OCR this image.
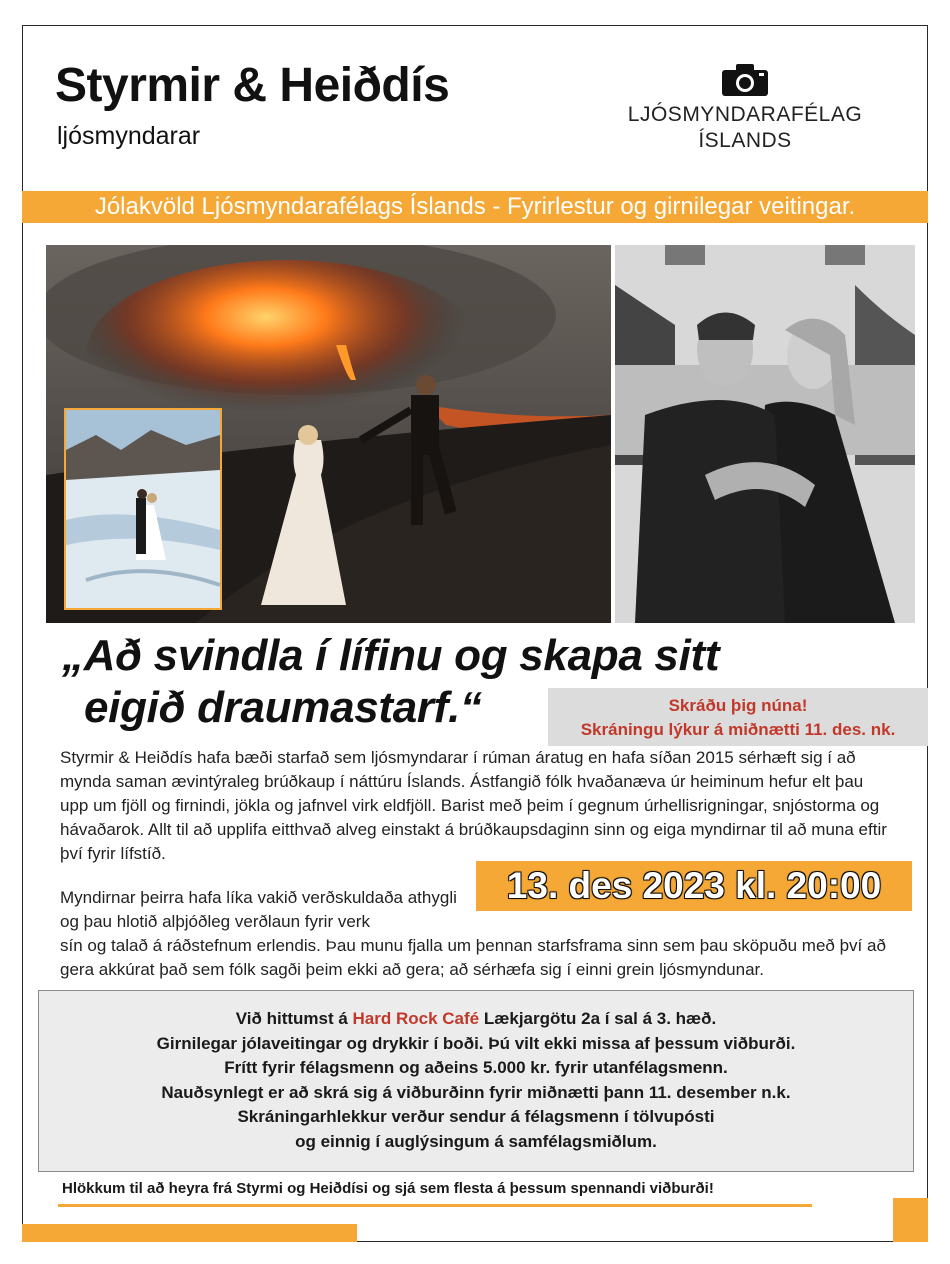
Styrmir & Heiðdís
ljósmyndarar
LJÓSMYNDARAFÉLAG
ÍSLANDS
Jólakvöld Ljósmyndarafélags Íslands - Fyrirlestur og girnilegar veitingar.
„Að svindla í lífinu og skapa sitt
eigið draumastarf.“	Skráðu þig núna!
Skráningu lýkur á miðnætti 11. des. nk.
Styrmir & Heiðdís hafa bæði starfað sem ljósmyndarar í rúman áratug en hafa síðan 2015 sérhæft sig í að mynda saman ævintýraleg brúðkaup í náttúru Íslands. Ástfangið fólk hvaðanæva úr heiminum hefur elt þau upp um fjöll og firnindi, jökla og jafnvel virk eldfjöll. Barist með þeim í gegnum úrhellisrigningar, snjóstorma og hávaðarok. Allt til að upplifa eitthvað alveg einstakt á brúðkaupsdaginn sinn og eiga myndirnar til að muna eftir því fyrir lífstíð.
13. des 2023 kl. 20:00
Myndirnar þeirra hafa líka vakið verðskuldaða athygli og þau hlotið alþjóðleg verðlaun fyrir verk
sín og talað á ráðstefnum erlendis. Þau munu fjalla um þennan starfsframa sinn sem þau sköpuðu með því að gera akkúrat það sem fólk sagði þeim ekki að gera; að sérhæfa sig í einni grein ljósmyndunar.
Við hittumst á Hard Rock Café Lækjargötu 2a í sal á 3. hæð.
Girnilegar jólaveitingar og drykkir í boði. Þú vilt ekki missa af þessum viðburði.
Frítt fyrir félagsmenn og aðeins 5.000 kr. fyrir utanfélagsmenn.
Nauðsynlegt er að skrá sig á viðburðinn fyrir miðnætti þann 11. desember n.k.
Skráningarhlekkur verður sendur á félagsmenn í tölvupósti
og einnig í auglýsingum á samfélagsmiðlum.
Hlökkum til að heyra frá Styrmi og Heiðdísi og sjá sem flesta á þessum spennandi viðburði!
